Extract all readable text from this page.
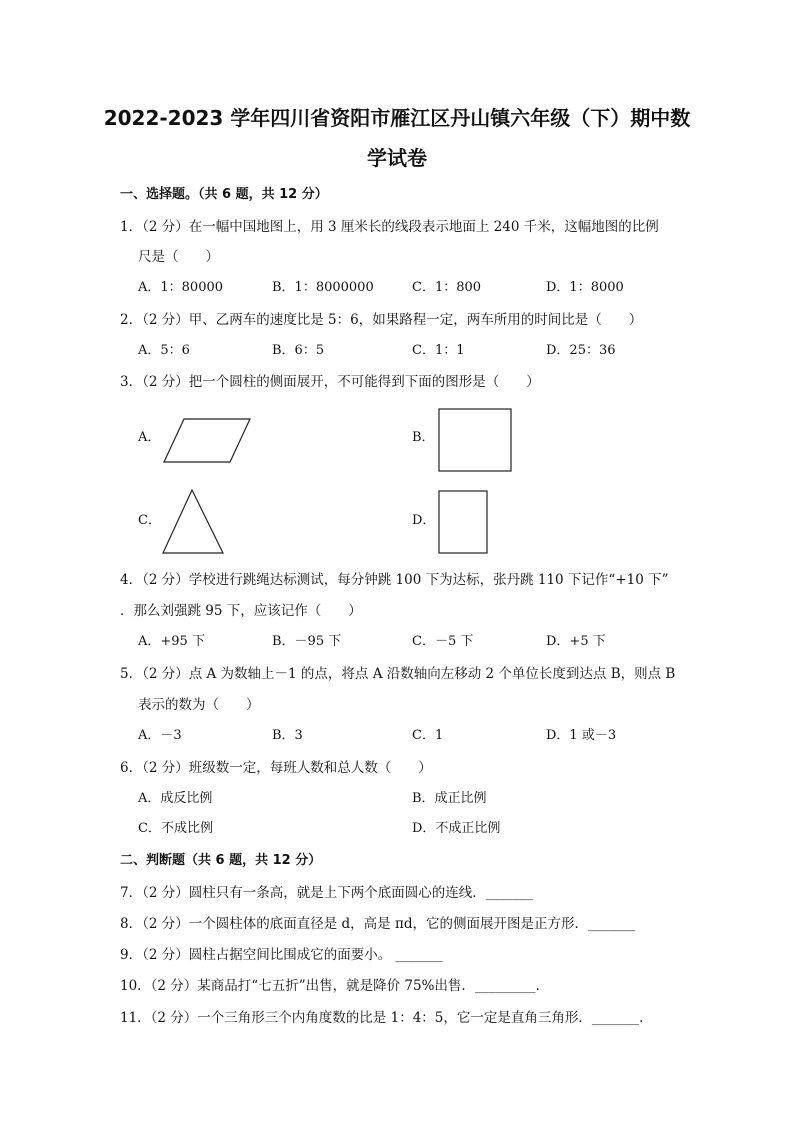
2022-2023 学年四川省资阳市雁江区丹山镇六年级（下）期中数
学试卷
一、选择题。（共 6 题，共 12 分）
1．（2 分）在一幅中国地图上，用 3 厘米长的线段表示地面上 240 千米，这幅地图的比例
尺是（　　）
A．1：80000	B．1：8000000	C．1：800	D．1：8000
2．（2 分）甲、乙两车的速度比是 5：6，如果路程一定，两车所用的时间比是（　　）
A．5：6	B．6：5	C．1：1	D．25：36
3．（2 分）把一个圆柱的侧面展开，不可能得到下面的图形是（　　）
A．	B．
C．	D．
4．（2 分）学校进行跳绳达标测试，每分钟跳 100 下为达标，张丹跳 110 下记作“+10 下”
．那么刘强跳 95 下，应该记作（　　）
A．+95 下	B．－95 下	C．－5 下	D．+5 下
5．（2 分）点 A 为数轴上－1 的点，将点 A 沿数轴向左移动 2 个单位长度到达点 B，则点 B
表示的数为（　　）
A．－3	B．3	C．1	D．1 或－3
6．（2 分）班级数一定，每班人数和总人数（　　）
A．成反比例	B．成正比例
C．不成比例	D．不成正比例
二、判断题（共 6 题，共 12 分）
7．（2 分）圆柱只有一条高，就是上下两个底面圆心的连线．_______
8．（2 分）一个圆柱体的底面直径是 d，高是 πd，它的侧面展开图是正方形．_______
9．（2 分）圆柱占据空间比围成它的面要小。 _______
10．（2 分）某商品打“七五折”出售，就是降价 75%出售．_________．
11．（2 分）一个三角形三个内角度数的比是 1：4：5，它一定是直角三角形．_______．
